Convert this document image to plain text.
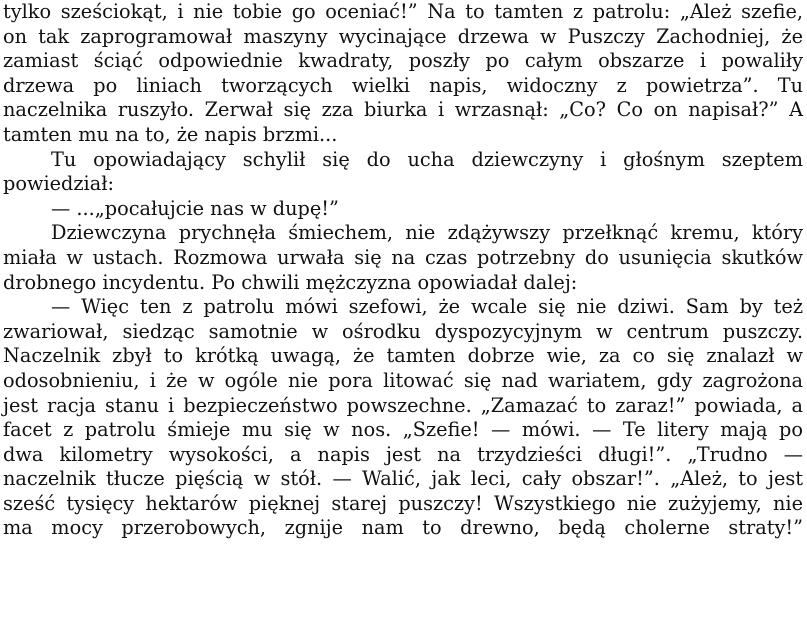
tylko sześciokąt, i nie tobie go oceniać!” Na to tamten z patrolu: „Ależ szefie,
on tak zaprogramował maszyny wycinające drzewa w Puszczy Zachodniej, że
zamiast ściąć odpowiednie kwadraty, poszły po całym obszarze i powaliły
drzewa po liniach tworzących wielki napis, widoczny z powietrza”. Tu
naczelnika ruszyło. Zerwał się zza biurka i wrzasnął: „Co? Co on napisał?” A
tamten mu na to, że napis brzmi...
Tu opowiadający schylił się do ucha dziewczyny i głośnym szeptem
powiedział:
— ...„pocałujcie nas w dupę!”
Dziewczyna prychnęła śmiechem, nie zdążywszy przełknąć kremu, który
miała w ustach. Rozmowa urwała się na czas potrzebny do usunięcia skutków
drobnego incydentu. Po chwili mężczyzna opowiadał dalej:
— Więc ten z patrolu mówi szefowi, że wcale się nie dziwi. Sam by też
zwariował, siedząc samotnie w ośrodku dyspozycyjnym w centrum puszczy.
Naczelnik zbył to krótką uwagą, że tamten dobrze wie, za co się znalazł w
odosobnieniu, i że w ogóle nie pora litować się nad wariatem, gdy zagrożona
jest racja stanu i bezpieczeństwo powszechne. „Zamazać to zaraz!” powiada, a
facet z patrolu śmieje mu się w nos. „Szefie! — mówi. — Te litery mają po
dwa kilometry wysokości, a napis jest na trzydzieści długi!”. „Trudno —
naczelnik tłucze pięścią w stół. — Walić, jak leci, cały obszar!”. „Ależ, to jest
sześć tysięcy hektarów pięknej starej puszczy! Wszystkiego nie zużyjemy, nie
ma mocy przerobowych, zgnije nam to drewno, będą cholerne straty!”
